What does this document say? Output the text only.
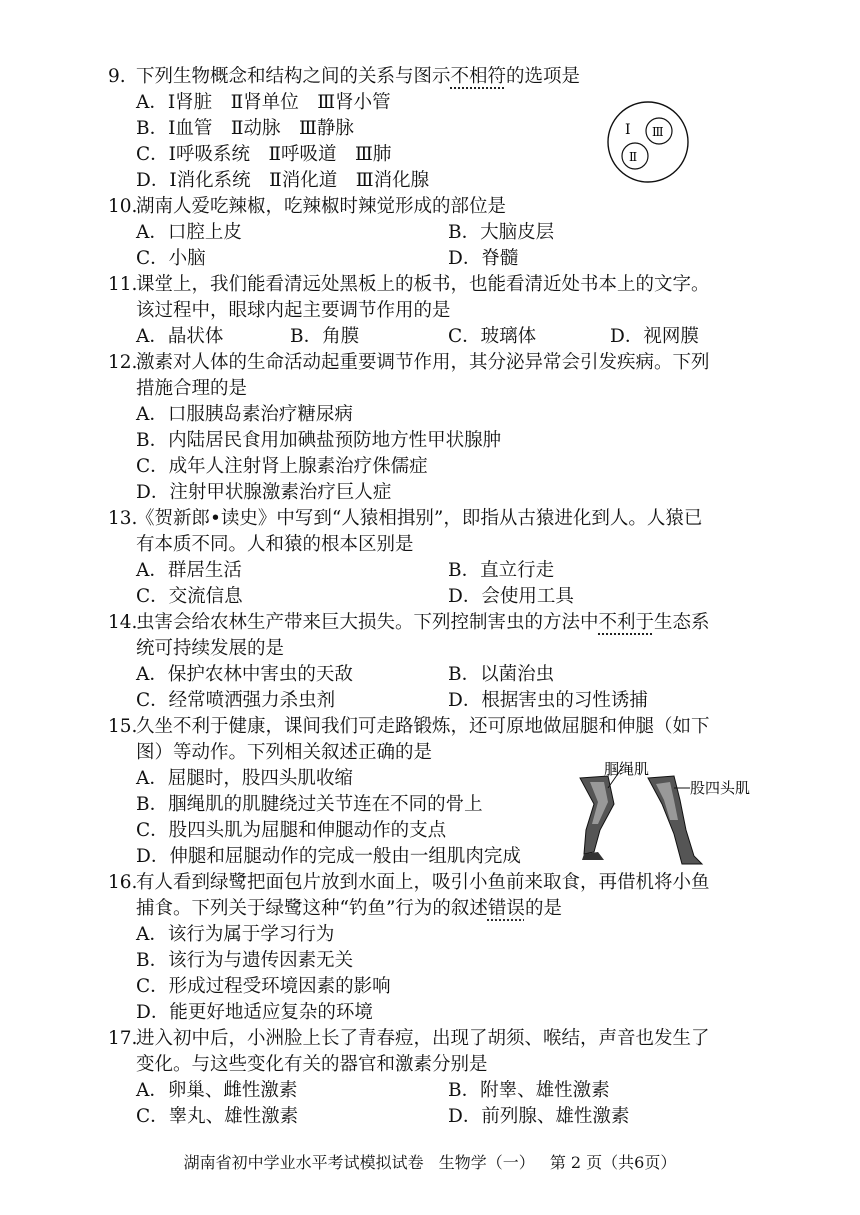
9. 下列生物概念和结构之间的关系与图示不相符的选项是
A．Ⅰ肾脏　Ⅱ肾单位　Ⅲ肾小管
B．Ⅰ血管　Ⅱ动脉　Ⅲ静脉
C．Ⅰ呼吸系统　Ⅱ呼吸道　Ⅲ肺
D．Ⅰ消化系统　Ⅱ消化道　Ⅲ消化腺
Ⅰ Ⅲ
Ⅱ
10.
湖南人爱吃辣椒，吃辣椒时辣觉形成的部位是
A．口腔上皮	B．大脑皮层
C．小脑	D．脊髓
11.
课堂上，我们能看清远处黑板上的板书，也能看清近处书本上的文字。
该过程中，眼球内起主要调节作用的是
A．晶状体	B．角膜	C．玻璃体	D．视网膜
12.
激素对人体的生命活动起重要调节作用，其分泌异常会引发疾病。下列
措施合理的是
A．口服胰岛素治疗糖尿病
B．内陆居民食用加碘盐预防地方性甲状腺肿
C．成年人注射肾上腺素治疗侏儒症
D．注射甲状腺激素治疗巨人症
13.
《贺新郎•读史》中写到“人猿相揖别”，即指从古猿进化到人。人猿已
有本质不同。人和猿的根本区别是
A．群居生活	B．直立行走
C．交流信息	D．会使用工具
14.
虫害会给农林生产带来巨大损失。下列控制害虫的方法中不利于生态系
统可持续发展的是
A．保护农林中害虫的天敌	B．以菌治虫
C．经常喷洒强力杀虫剂	D．根据害虫的习性诱捕
15.
久坐不利于健康，课间我们可走路锻炼，还可原地做屈腿和伸腿（如下
图）等动作。下列相关叙述正确的是
A．屈腿时，股四头肌收缩
B．腘绳肌的肌腱绕过关节连在不同的骨上
C．股四头肌为屈腿和伸腿动作的支点
D．伸腿和屈腿动作的完成一般由一组肌肉完成
腘绳肌
股四头肌
16.
有人看到绿鹭把面包片放到水面上，吸引小鱼前来取食，再借机将小鱼
捕食。下列关于绿鹭这种“钓鱼”行为的叙述错误的是
A．该行为属于学习行为
B．该行为与遗传因素无关
C．形成过程受环境因素的影响
D．能更好地适应复杂的环境
17.
进入初中后，小洲脸上长了青春痘，出现了胡须、喉结，声音也发生了
变化。与这些变化有关的器官和激素分别是
A．卵巢、雌性激素	B．附睾、雄性激素
C．睾丸、雄性激素	D．前列腺、雄性激素
湖南省初中学业水平考试模拟试卷 生物学（一） 第 2 页（共6页）
